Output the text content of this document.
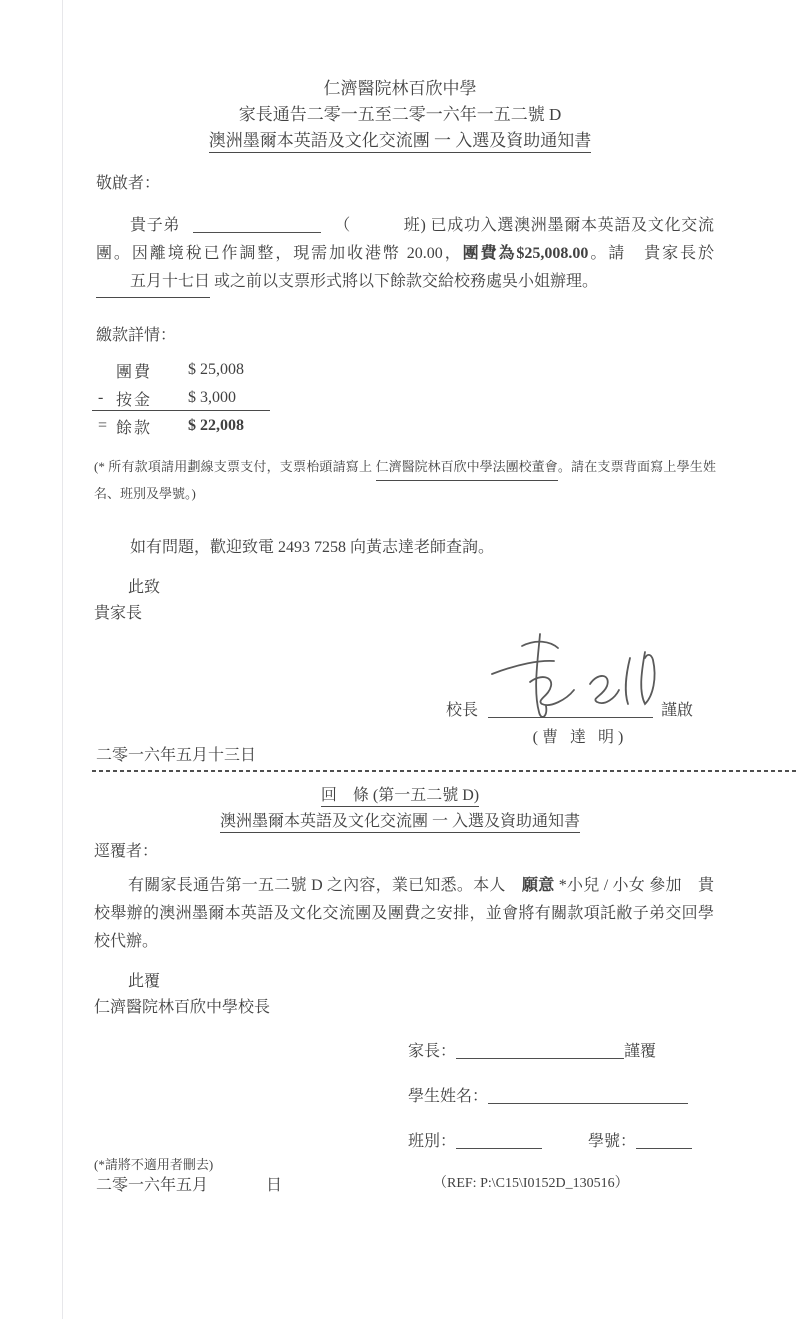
仁濟醫院林百欣中學
家長通告二零一五至二零一六年一五二號 D
澳洲墨爾本英語及文化交流團 一 入選及資助通知書
敬啟者：
貴子弟	（	班) 已成功入選澳洲墨爾本英語及文化交流團。因離境稅已作調整，現需加收港幣 20.00，團費為$25,008.00。請　貴家長於五月十七日 或之前以支票形式將以下餘款交給校務處吳小姐辦理。
繳款詳情：
團費	$ 25,008
- 按金	$ 3,000
= 餘款	$ 22,008
(* 所有款項請用劃線支票支付，支票枱頭請寫上 仁濟醫院林百欣中學法團校董會。請在支票背面寫上學生姓名、班別及學號。)
如有問題，歡迎致電 2493 7258 向黃志達老師查詢。
此致
貴家長
校長	謹啟
(曹 達 明)
二零一六年五月十三日
回　條 (第一五二號 D)
澳洲墨爾本英語及文化交流團 一 入選及資助通知書
逕覆者：
有關家長通告第一五二號 D 之內容，業已知悉。本人　願意 *小兒 / 小女 參加　貴校舉辦的澳洲墨爾本英語及文化交流團及團費之安排，並會將有關款項託敝子弟交回學校代辦。
此覆
仁濟醫院林百欣中學校長
家長：	謹覆
學生姓名：
班別：	學號：
(*請將不適用者刪去)
二零一六年五月	日	（REF: P:\C15\I0152D_130516）
